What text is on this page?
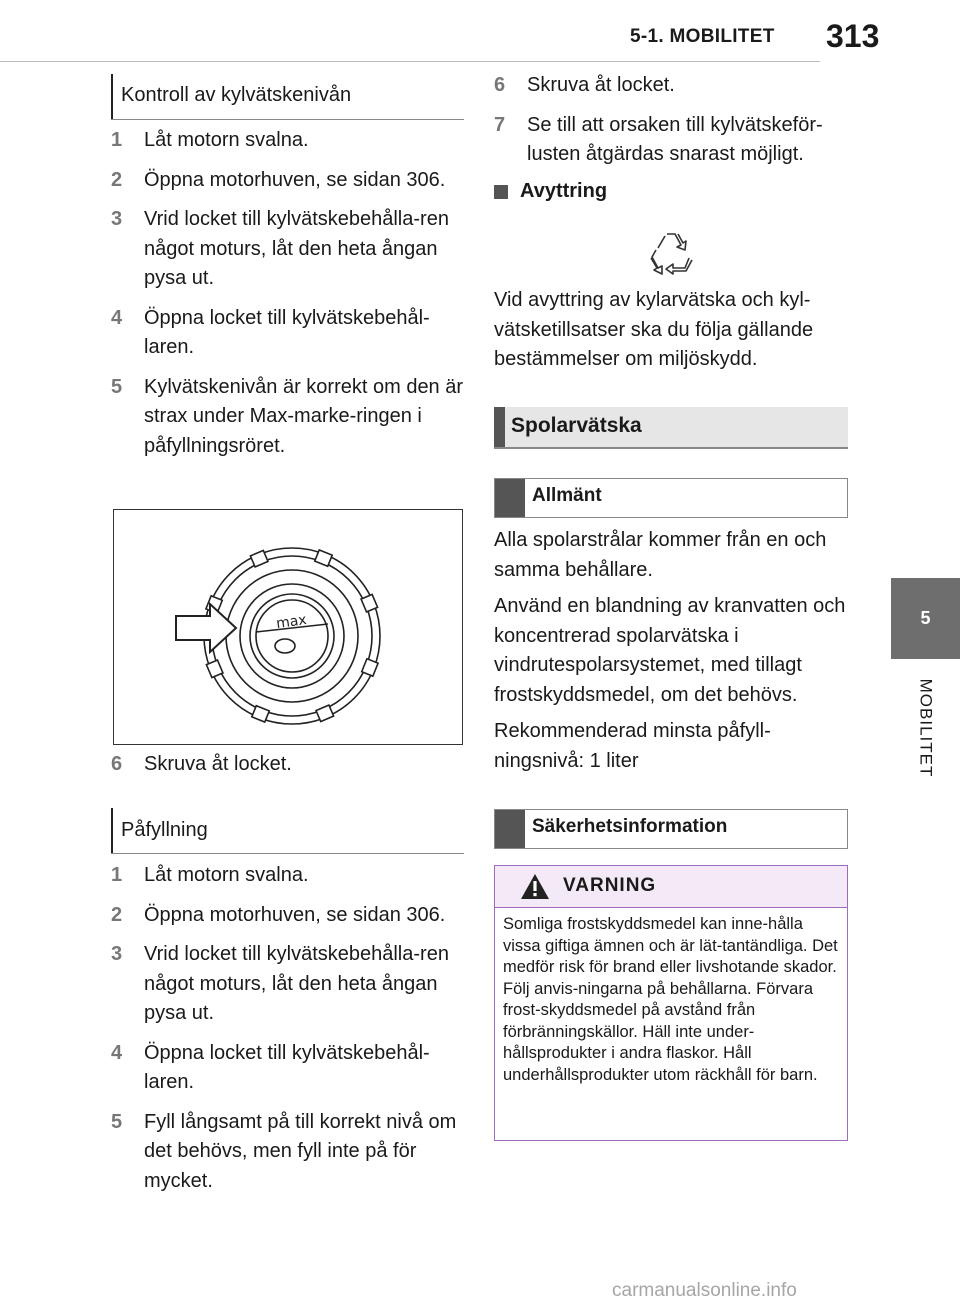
5-1. MOBILITET 313
5
MOBILITET
Kontroll av kylvätskenivån
1	Låt motorn svalna.
2	Öppna motorhuven, se sidan 306.
3	Vrid locket till kylvätskebehålla-ren något moturs, låt den heta ångan pysa ut.
4	Öppna locket till kylvätskebehål-laren.
5	Kylvätskenivån är korrekt om den är strax under Max-marke-ringen i påfyllningsröret.
max
6	Skruva åt locket.
Påfyllning
1	Låt motorn svalna.
2	Öppna motorhuven, se sidan 306.
3	Vrid locket till kylvätskebehålla-ren något moturs, låt den heta ångan pysa ut.
4	Öppna locket till kylvätskebehål-laren.
5	Fyll långsamt på till korrekt nivå om det behövs, men fyll inte på för mycket.
6	Skruva åt locket.
7	Se till att orsaken till kylvätskeför-lusten åtgärdas snarast möjligt.
Avyttring

Vid avyttring av kylarvätska och kyl-vätsketillsatser ska du följa gällande bestämmelser om miljöskydd.

Spolarvätska
Allmänt

Alla spolarstrålar kommer från en och samma behållare.

Använd en blandning av kranvatten och koncentrerad spolarvätska i vindrutespolarsystemet, med tillagt frostskyddsmedel, om det behövs.

Rekommenderad minsta påfyll-ningsnivå: 1 liter

Säkerhetsinformation
VARNING
Somliga frostskyddsmedel kan inne-hålla vissa giftiga ämnen och är lät-tantändliga. Det medför risk för brand eller livshotande skador. Följ anvis-ningarna på behållarna. Förvara frost-skyddsmedel på avstånd från förbränningskällor. Häll inte under-hållsprodukter i andra flaskor. Håll underhållsprodukter utom räckhåll för barn.
carmanualsonline.info
